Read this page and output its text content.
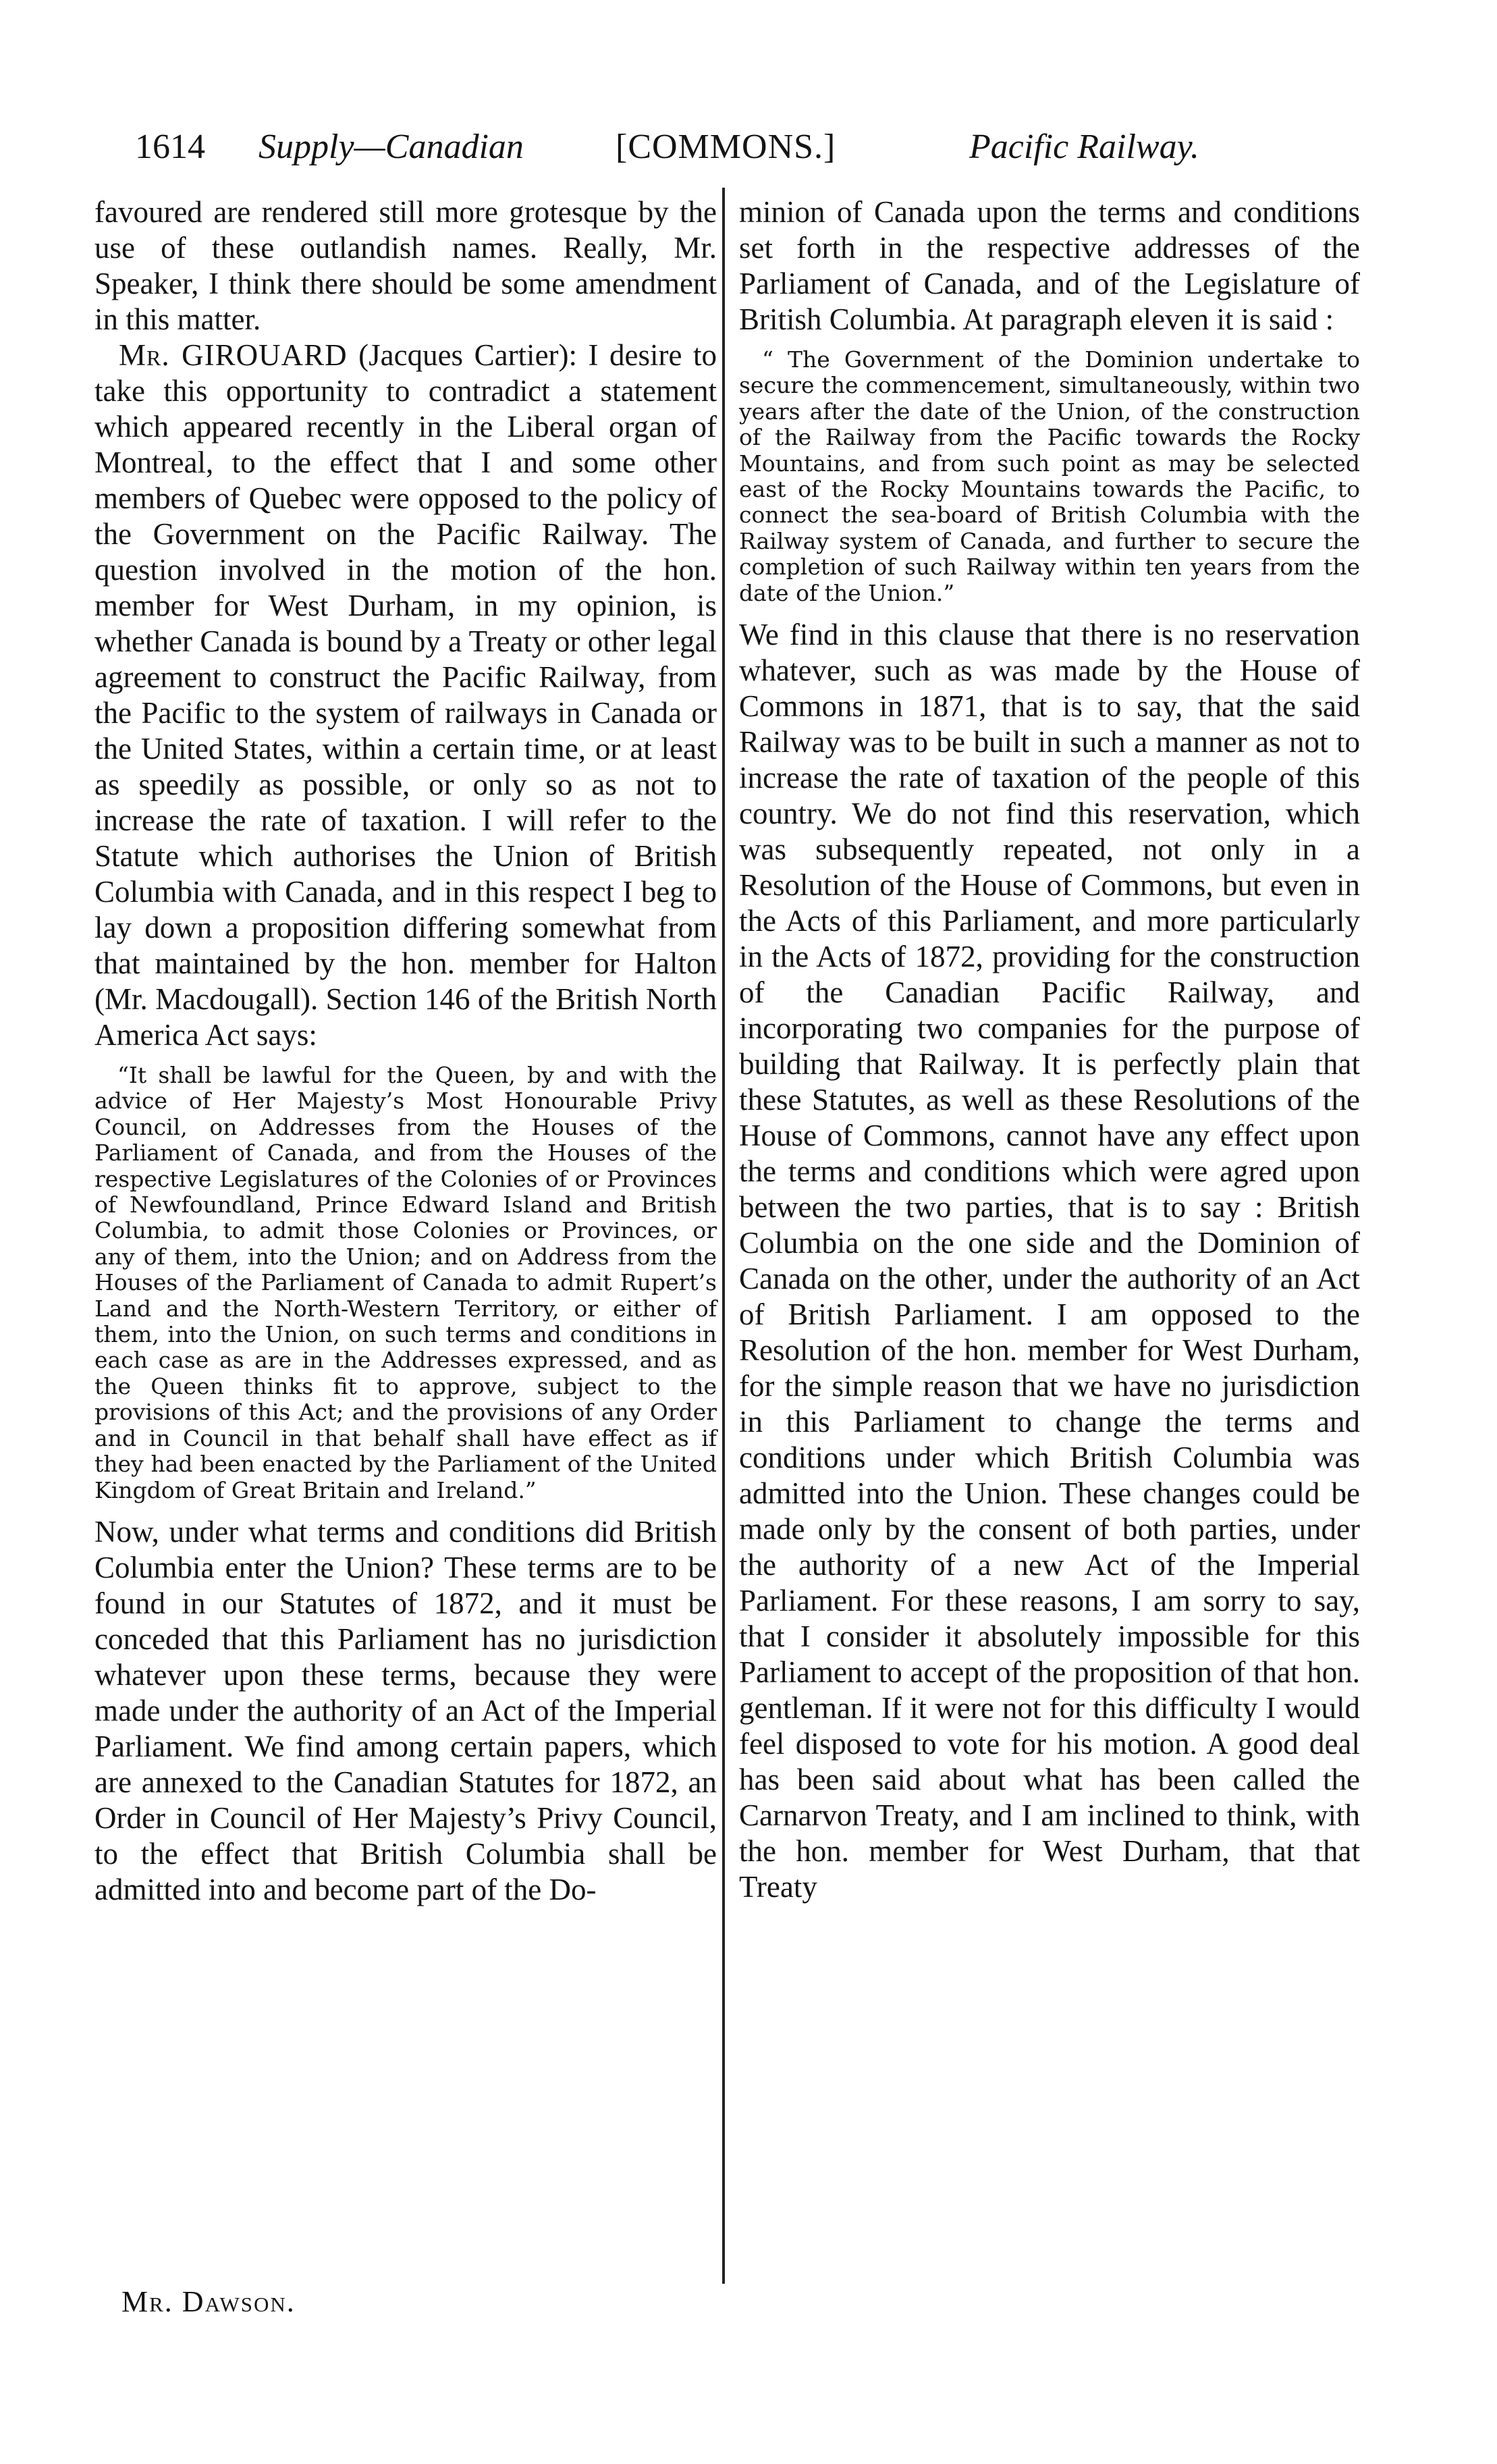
1614 Supply—Canadian	[COMMONS.]	Pacific Railway.

favoured are rendered still more grotesque by the use of these outlandish names. Really, Mr. Speaker, I think there should be some amendment in this matter.

Mr. GIROUARD (Jacques Cartier): I desire to take this opportunity to contradict a statement which appeared recently in the Liberal organ of Montreal, to the effect that I and some other members of Quebec were opposed to the policy of the Government on the Pacific Railway. The question involved in the motion of the hon. member for West Durham, in my opinion, is whether Canada is bound by a Treaty or other legal agreement to construct the Pacific Railway, from the Pacific to the system of railways in Canada or the United States, within a certain time, or at least as speedily as possible, or only so as not to increase the rate of taxation. I will refer to the Statute which authorises the Union of British Columbia with Canada, and in this respect I beg to lay down a proposition differing somewhat from that maintained by the hon. member for Halton (Mr. Macdougall). Section 146 of the British North America Act says:

“It shall be lawful for the Queen, by and with the advice of Her Majesty’s Most Honourable Privy Council, on Addresses from the Houses of the Parliament of Canada, and from the Houses of the respective Legislatures of the Colonies of or Provinces of Newfoundland, Prince Edward Island and British Columbia, to admit those Colonies or Provinces, or any of them, into the Union; and on Address from the Houses of the Parliament of Canada to admit Rupert’s Land and the North-Western Territory, or either of them, into the Union, on such terms and conditions in each case as are in the Addresses expressed, and as the Queen thinks fit to approve, subject to the provisions of this Act; and the provisions of any Order and in Council in that behalf shall have effect as if they had been enacted by the Parliament of the United Kingdom of Great Britain and Ireland.”

Now, under what terms and conditions did British Columbia enter the Union? These terms are to be found in our Statutes of 1872, and it must be conceded that this Parliament has no jurisdiction whatever upon these terms, because they were made under the authority of an Act of the Imperial Parliament. We find among certain papers, which are annexed to the Canadian Statutes for 1872, an Order in Council of Her Majesty’s Privy Council, to the effect that British Columbia shall be admitted into and become part of the Do-

minion of Canada upon the terms and conditions set forth in the respective addresses of the Parliament of Canada, and of the Legislature of British Columbia. At paragraph eleven it is said :

“ The Government of the Dominion undertake to secure the commencement, simultaneously, within two years after the date of the Union, of the construction of the Railway from the Pacific towards the Rocky Mountains, and from such point as may be selected east of the Rocky Mountains towards the Pacific, to connect the sea-board of British Columbia with the Railway system of Canada, and further to secure the completion of such Railway within ten years from the date of the Union.”

We find in this clause that there is no reservation whatever, such as was made by the House of Commons in 1871, that is to say, that the said Railway was to be built in such a manner as not to increase the rate of taxation of the people of this country. We do not find this reservation, which was subsequently repeated, not only in a Resolution of the House of Commons, but even in the Acts of this Parliament, and more particularly in the Acts of 1872, providing for the construction of the Canadian Pacific Railway, and incorporating two companies for the purpose of building that Railway. It is perfectly plain that these Statutes, as well as these Resolutions of the House of Commons, cannot have any effect upon the terms and conditions which were agred upon between the two parties, that is to say : British Columbia on the one side and the Dominion of Canada on the other, under the authority of an Act of British Parliament. I am opposed to the Resolution of the hon. member for West Durham, for the simple reason that we have no jurisdiction in this Parliament to change the terms and conditions under which British Columbia was admitted into the Union. These changes could be made only by the consent of both parties, under the authority of a new Act of the Imperial Parliament. For these reasons, I am sorry to say, that I consider it absolutely impossible for this Parliament to accept of the proposition of that hon. gentleman. If it were not for this difficulty I would feel disposed to vote for his motion. A good deal has been said about what has been called the Carnarvon Treaty, and I am inclined to think, with the hon. member for West Durham, that that Treaty

Mr. Dawson.
